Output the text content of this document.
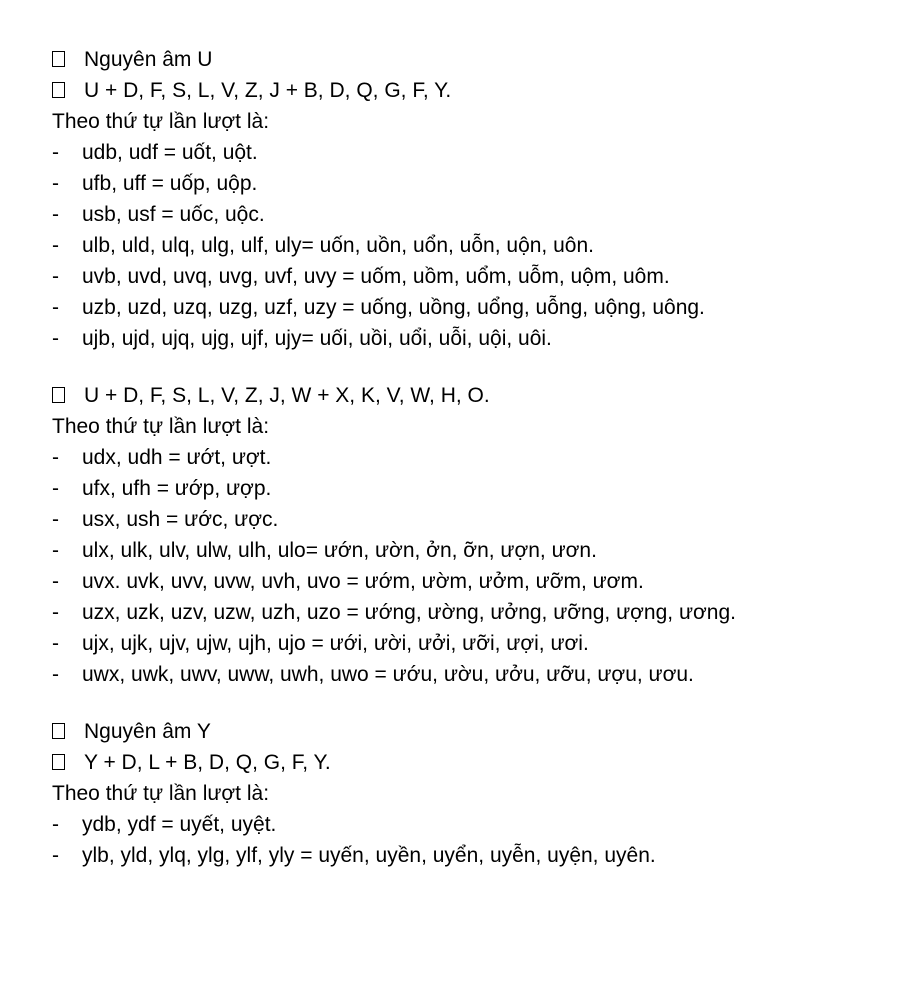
Nguyên âm U
U + D, F, S, L, V, Z, J + B, D, Q, G, F, Y.
Theo thứ tự lần lượt là:
-	udb, udf = uốt, uột.
-	ufb, uff = uốp, uộp.
-	usb, usf = uốc, uộc.
-	ulb, uld, ulq, ulg, ulf, uly= uốn, uồn, uổn, uỗn, uộn, uôn.
-	uvb, uvd, uvq, uvg, uvf, uvy = uốm, uồm, uổm, uỗm, uộm, uôm.
-	uzb, uzd, uzq, uzg, uzf, uzy = uống, uồng, uổng, uỗng, uộng, uông.
-	ujb, ujd, ujq, ujg, ujf, ujy= uối, uồi, uổi, uỗi, uội, uôi.
U + D, F, S, L, V, Z, J, W + X, K, V, W, H, O.
Theo thứ tự lần lượt là:
-	udx, udh = ướt, ượt.
-	ufx, ufh = ướp, ượp.
-	usx, ush = ước, ược.
-	ulx, ulk, ulv, ulw, ulh, ulo= ướn, ườn, ởn, ỡn, ượn, ươn.
-	uvx. uvk, uvv, uvw, uvh, uvo = ướm, ườm, ưởm, ưỡm, ươm.
-	uzx, uzk, uzv, uzw, uzh, uzo = ướng, ường, ưởng, ưỡng, ượng, ương.
-	ujx, ujk, ujv, ujw, ujh, ujo = ưới, ười, ưởi, ưỡi, ượi, ươi.
-	uwx, uwk, uwv, uww, uwh, uwo = ướu, ườu, ưởu, ưỡu, ượu, ươu.
Nguyên âm Y
Y + D, L + B, D, Q, G, F, Y.
Theo thứ tự lần lượt là:
-	ydb, ydf = uyết, uyệt.
-	ylb, yld, ylq, ylg, ylf, yly = uyến, uyền, uyển, uyễn, uyện, uyên.
